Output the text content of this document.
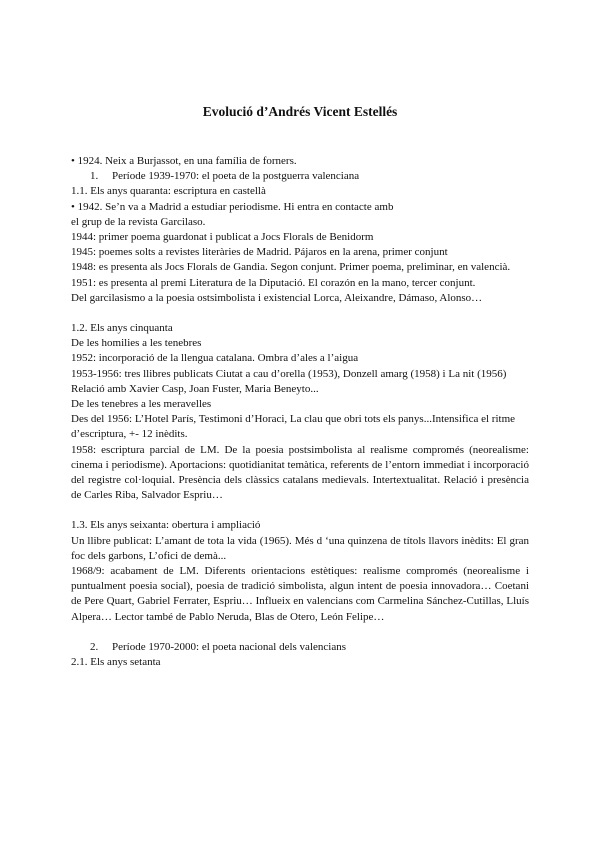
Evolució d’Andrés Vicent Estellés

• 1924. Neix a Burjassot, en una família de forners.

1. Període 1939-1970: el poeta de la postguerra valenciana

1.1. Els anys quaranta: escriptura en castellà

• 1942. Se’n va a Madrid a estudiar periodisme. Hi entra en contacte amb

el grup de la revista Garcilaso.

1944: primer poema guardonat i publicat a Jocs Florals de Benidorm

1945: poemes solts a revistes literàries de Madrid. Pájaros en la arena, primer conjunt

1948: es presenta als Jocs Florals de Gandia. Segon conjunt. Primer poema, preliminar, en valencià.

1951: es presenta al premi Literatura de la Diputació. El corazón en la mano, tercer conjunt.

Del garcilasismo a la poesia ostsimbolista i existencial Lorca, Aleixandre, Dámaso, Alonso…

1.2. Els anys cinquanta

De les homilies a les tenebres

1952: incorporació de la llengua catalana. Ombra d’ales a l’aigua

1953-1956: tres llibres publicats Ciutat a cau d’orella (1953), Donzell amarg (1958) i La nit (1956)

Relació amb Xavier Casp, Joan Fuster, Maria Beneyto...

De les tenebres a les meravelles

Des del 1956: L’Hotel París, Testimoni d’Horaci, La clau que obri tots els panys...Intensifica el ritme d’escriptura, +- 12 inèdits.

1958: escriptura parcial de LM. De la poesia postsimbolista al realisme compromés (neorealisme: cinema i periodisme). Aportacions: quotidianitat temàtica, referents de l’entorn immediat i incorporació del registre col·loquial. Presència dels clàssics catalans medievals. Intertextualitat. Relació i presència de Carles Riba, Salvador Espriu…

1.3. Els anys seixanta: obertura i ampliació

Un llibre publicat: L’amant de tota la vida (1965). Més d ‘una quinzena de títols llavors inèdits: El gran foc dels garbons, L’ofici de demà...

1968/9: acabament de LM. Diferents orientacions estètiques: realisme compromés (neorealisme i puntualment poesia social), poesia de tradició simbolista, algun intent de poesia innovadora… Coetani de Pere Quart, Gabriel Ferrater, Espriu… Influeix en valencians com Carmelina Sánchez-Cutillas, Lluís Alpera… Lector també de Pablo Neruda, Blas de Otero, León Felipe…

2. Període 1970-2000: el poeta nacional dels valencians

2.1. Els anys setanta
